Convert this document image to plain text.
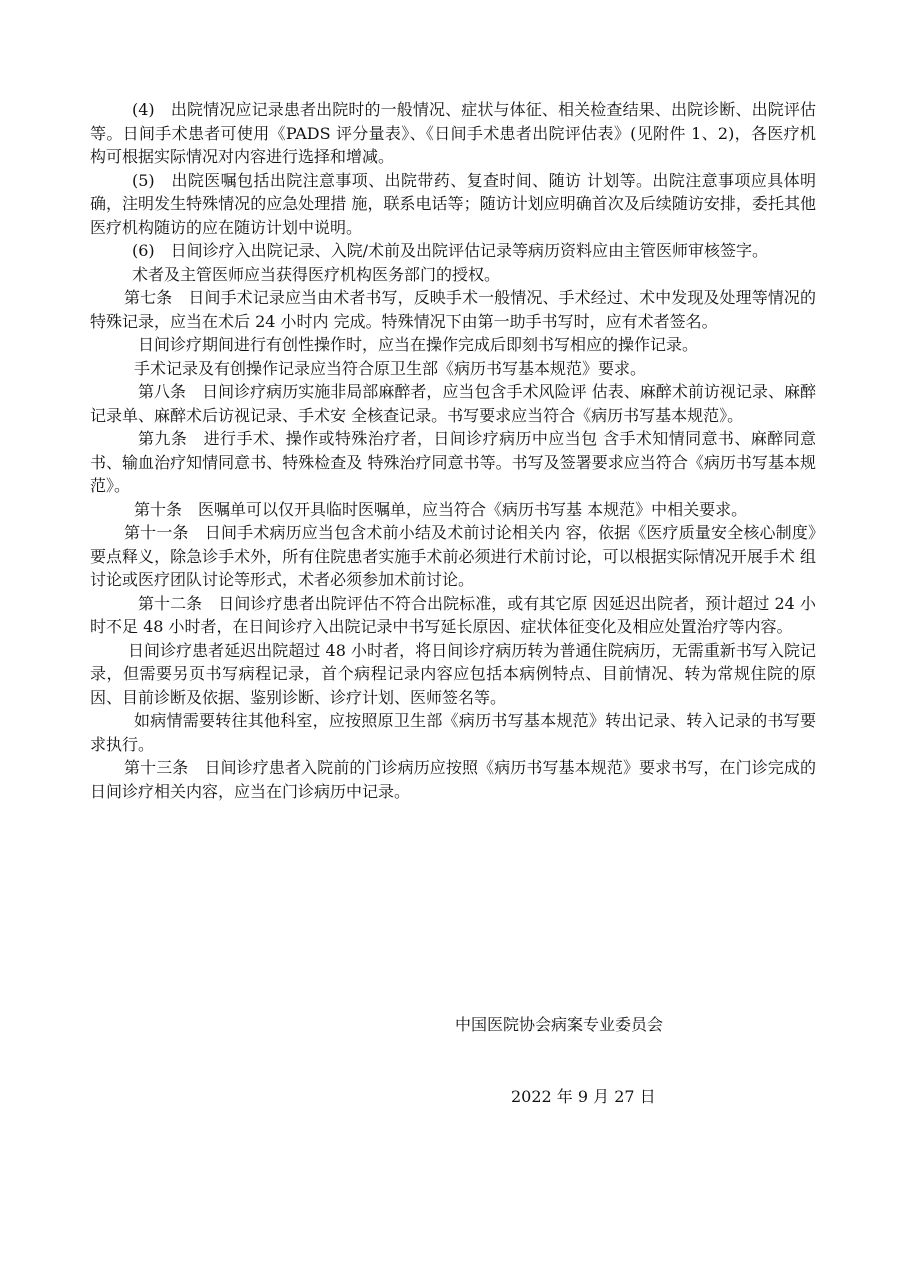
(4)　出院情况应记录患者出院时的一般情况、症状与体征、相关检查结果、出院诊断、出院评估等。日间手术患者可使用《PADS 评分量表》、《日间手术患者出院评估表》(见附件 1、2)，各医疗机 构可根据实际情况对内容进行选择和增减。

(5)　出院医嘱包括出院注意事项、出院带药、复查时间、随访 计划等。出院注意事项应具体明确，注明发生特殊情况的应急处理措 施，联系电话等；随访计划应明确首次及后续随访安排，委托其他医疗机构随访的应在随访计划中说明。

(6)　日间诊疗入出院记录、入院/术前及出院评估记录等病历资料应由主管医师审核签字。

术者及主管医师应当获得医疗机构医务部门的授权。

第七条　日间手术记录应当由术者书写，反映手术一般情况、手术经过、术中发现及处理等情况的特殊记录，应当在术后 24 小时内 完成。特殊情况下由第一助手书写时，应有术者签名。

日间诊疗期间进行有创性操作时，应当在操作完成后即刻书写相应的操作记录。

手术记录及有创操作记录应当符合原卫生部《病历书写基本规范》要求。

第八条　日间诊疗病历实施非局部麻醉者，应当包含手术风险评 估表、麻醉术前访视记录、麻醉记录单、麻醉术后访视记录、手术安 全核查记录。书写要求应当符合《病历书写基本规范》。

第九条　进行手术、操作或特殊治疗者，日间诊疗病历中应当包 含手术知情同意书、麻醉同意书、输血治疗知情同意书、特殊检查及 特殊治疗同意书等。书写及签署要求应当符合《病历书写基本规范》。

第十条　医嘱单可以仅开具临时医嘱单，应当符合《病历书写基 本规范》中相关要求。

第十一条　日间手术病历应当包含术前小结及术前讨论相关内 容，依据《医疗质量安全核心制度》要点释义，除急诊手术外，所有住院患者实施手术前必须进行术前讨论，可以根据实际情况开展手术 组讨论或医疗团队讨论等形式，术者必须参加术前讨论。

第十二条　日间诊疗患者出院评估不符合出院标准，或有其它原 因延迟出院者，预计超过 24 小时不足 48 小时者，在日间诊疗入出院记录中书写延长原因、症状体征变化及相应处置治疗等内容。

日间诊疗患者延迟出院超过 48 小时者，将日间诊疗病历转为普通住院病历，无需重新书写入院记录，但需要另页书写病程记录，首个病程记录内容应包括本病例特点、目前情况、转为常规住院的原因、目前诊断及依据、鉴别诊断、诊疗计划、医师签名等。

如病情需要转往其他科室，应按照原卫生部《病历书写基本规范》转出记录、转入记录的书写要求执行。

第十三条　日间诊疗患者入院前的门诊病历应按照《病历书写基本规范》要求书写，在门诊完成的日间诊疗相关内容，应当在门诊病历中记录。

中国医院协会病案专业委员会
2022 年 9 月 27 日
